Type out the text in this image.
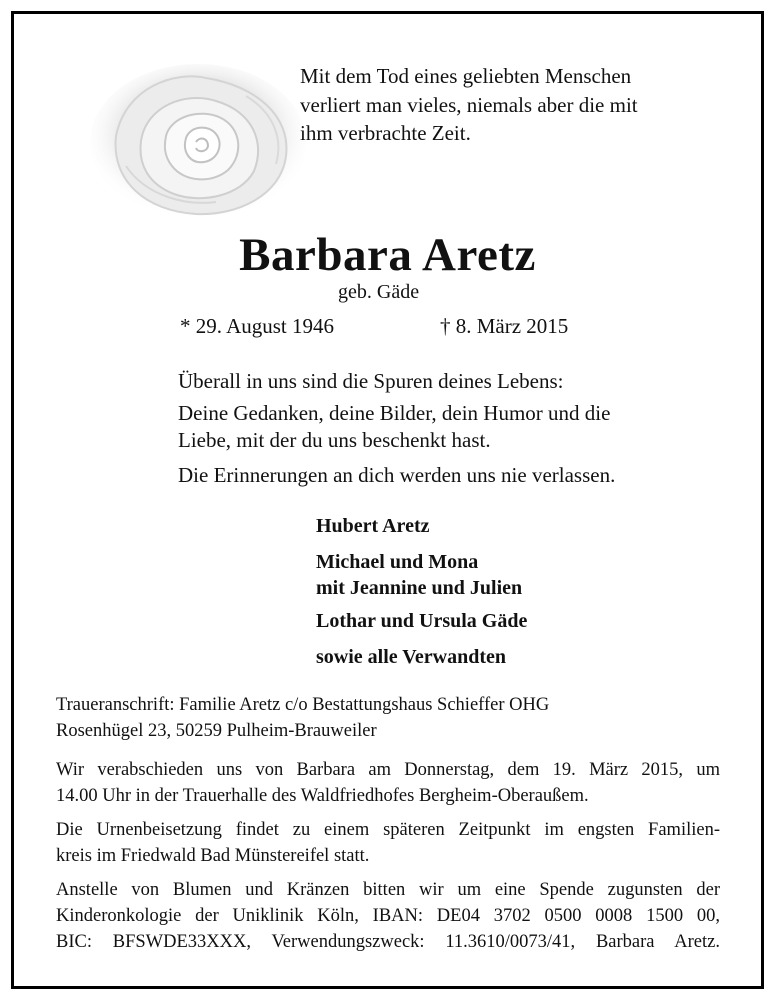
Mit dem Tod eines geliebten Menschen
verliert man vieles, niemals aber die mit
ihm verbrachte Zeit.
Barbara Aretz
geb. Gäde
* 29. August 1946	† 8. März 2015
Überall in uns sind die Spuren deines Lebens:
Deine Gedanken, deine Bilder, dein Humor und die
Liebe, mit der du uns beschenkt hast.
Die Erinnerungen an dich werden uns nie verlassen.
Hubert Aretz
Michael und Mona
mit Jeannine und Julien
Lothar und Ursula Gäde
sowie alle Verwandten
Traueranschrift: Familie Aretz c/o Bestattungshaus Schieffer OHG
Rosenhügel 23, 50259 Pulheim-Brauweiler
Wir verabschieden uns von Barbara am Donnerstag, dem 19. März 2015, um
14.00 Uhr in der Trauerhalle des Waldfriedhofes Bergheim-Oberaußem.
Die Urnenbeisetzung findet zu einem späteren Zeitpunkt im engsten Familien-
kreis im Friedwald Bad Münstereifel statt.
Anstelle von Blumen und Kränzen bitten wir um eine Spende zugunsten der
Kinderonkologie der Uniklinik Köln, IBAN: DE04 3702 0500 0008 1500 00,
BIC: BFSWDE33XXX, Verwendungszweck: 11.3610/0073/41, Barbara Aretz.
